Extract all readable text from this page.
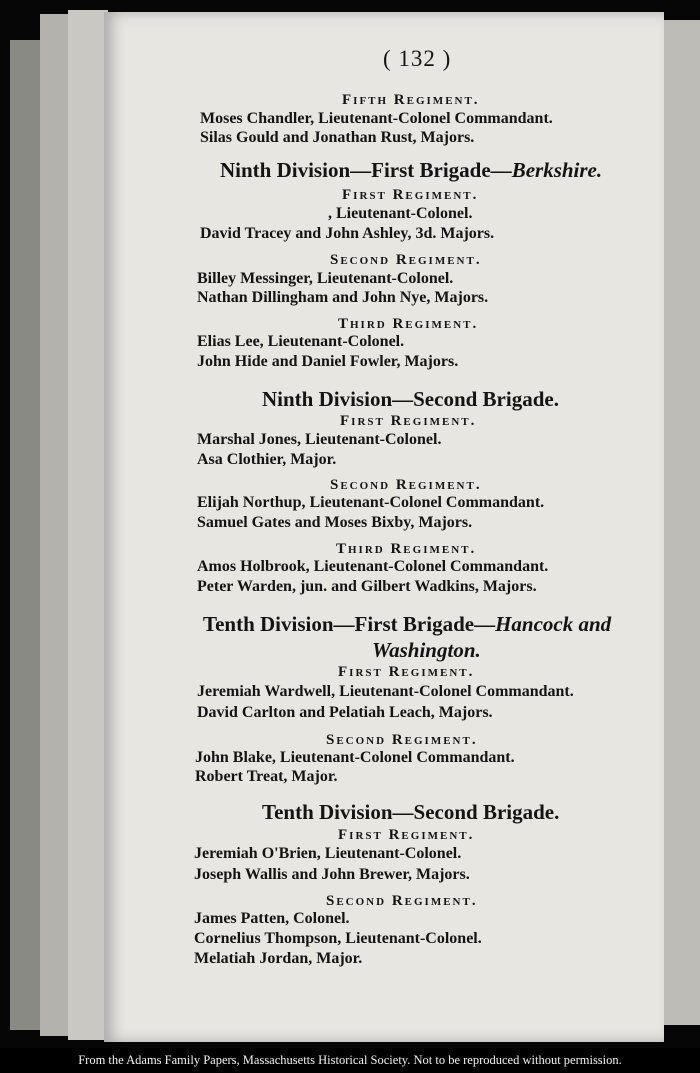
( 132 )
Fifth Regiment.
Moses Chandler, Lieutenant-Colonel Commandant.
Silas Gould and Jonathan Rust, Majors.
Ninth Division—First Brigade—Berkshire.
First Regiment.
, Lieutenant-Colonel.
David Tracey and John Ashley, 3d. Majors.
Second Regiment.
Billey Messinger, Lieutenant-Colonel.
Nathan Dillingham and John Nye, Majors.
Third Regiment.
Elias Lee, Lieutenant-Colonel.
John Hide and Daniel Fowler, Majors.
Ninth Division—Second Brigade.
First Regiment.
Marshal Jones, Lieutenant-Colonel.
Asa Clothier, Major.
Second Regiment.
Elijah Northup, Lieutenant-Colonel Commandant.
Samuel Gates and Moses Bixby, Majors.
Third Regiment.
Amos Holbrook, Lieutenant-Colonel Commandant.
Peter Warden, jun. and Gilbert Wadkins, Majors.
Tenth Division—First Brigade—Hancock and
Washington.
First Regiment.
Jeremiah Wardwell, Lieutenant-Colonel Commandant.
David Carlton and Pelatiah Leach, Majors.
Second Regiment.
John Blake, Lieutenant-Colonel Commandant.
Robert Treat, Major.
Tenth Division—Second Brigade.
First Regiment.
Jeremiah O'Brien, Lieutenant-Colonel.
Joseph Wallis and John Brewer, Majors.
Second Regiment.
James Patten, Colonel.
Cornelius Thompson, Lieutenant-Colonel.
Melatiah Jordan, Major.
From the Adams Family Papers, Massachusetts Historical Society. Not to be reproduced without permission.
